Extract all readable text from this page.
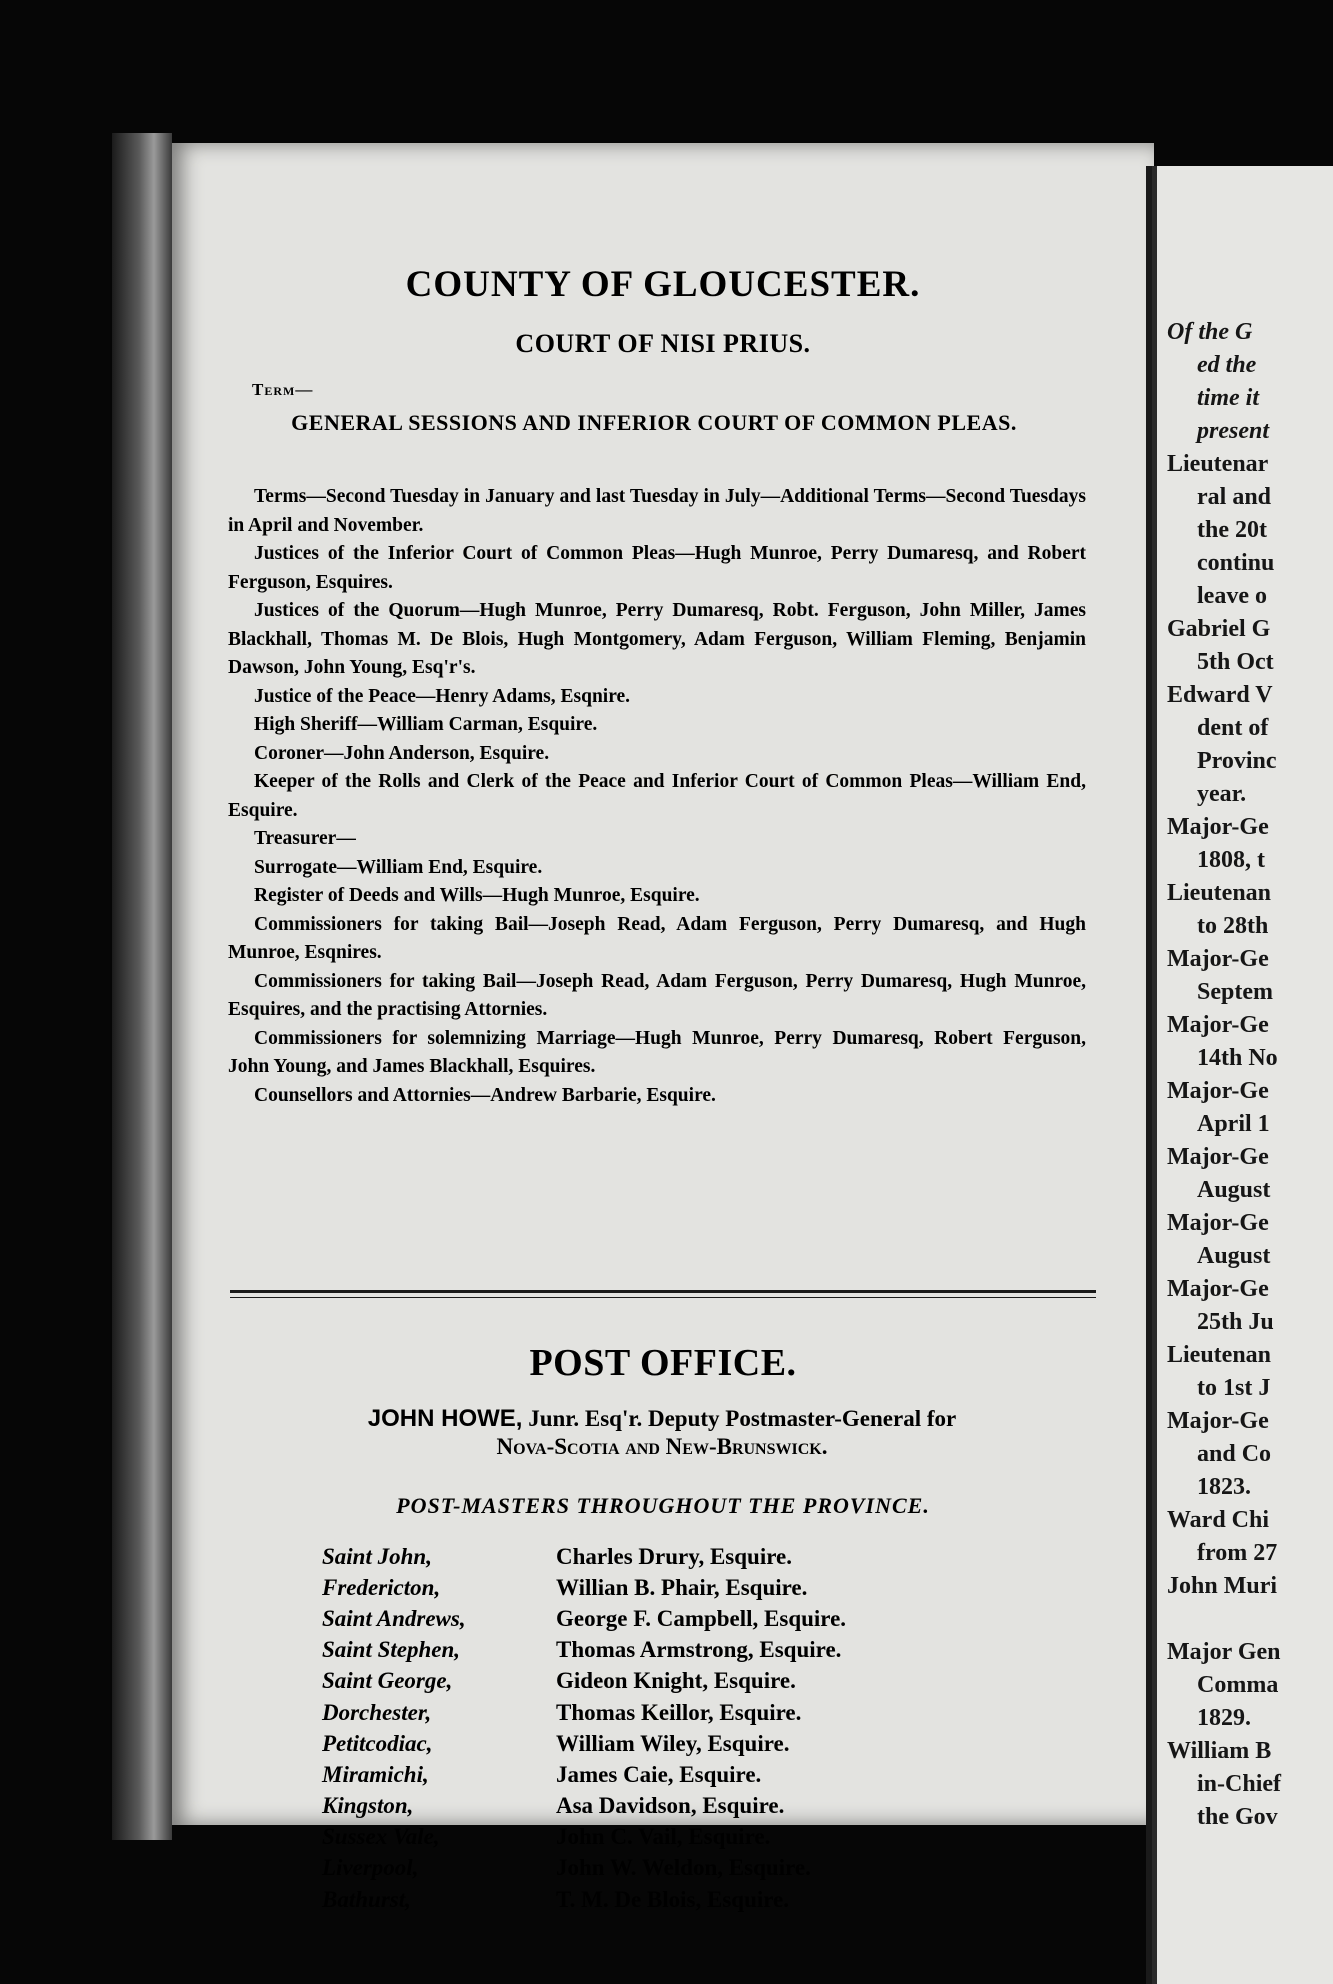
COUNTY OF GLOUCESTER.
COURT OF NISI PRIUS.
Term—
GENERAL SESSIONS AND INFERIOR COURT OF COMMON PLEAS.

Terms—Second Tuesday in January and last Tuesday in July—Additional Terms—Second Tuesdays in April and November.

Justices of the Inferior Court of Common Pleas—Hugh Munroe, Perry Dumaresq, and Robert Ferguson, Esquires.

Justices of the Quorum—Hugh Munroe, Perry Dumaresq, Robt. Ferguson, John Miller, James Blackhall, Thomas M. De Blois, Hugh Montgomery, Adam Ferguson, William Fleming, Benjamin Dawson, John Young, Esq'r's.

Justice of the Peace—Henry Adams, Esqnire.

High Sheriff—William Carman, Esquire.

Coroner—John Anderson, Esquire.

Keeper of the Rolls and Clerk of the Peace and Inferior Court of Common Pleas—William End, Esquire.

Treasurer—

Surrogate—William End, Esquire.

Register of Deeds and Wills—Hugh Munroe, Esquire.

Commissioners for taking Bail—Joseph Read, Adam Ferguson, Perry Dumaresq, and Hugh Munroe, Esqnires.

Commissioners for taking Bail—Joseph Read, Adam Ferguson, Perry Dumaresq, Hugh Munroe, Esquires, and the practising Attornies.

Commissioners for solemnizing Marriage—Hugh Munroe, Perry Dumaresq, Robert Ferguson, John Young, and James Blackhall, Esquires.

Counsellors and Attornies—Andrew Barbarie, Esquire.

POST OFFICE.
JOHN HOWE, Junr. Esq'r. Deputy Postmaster-General for
Nova-Scotia and New-Brunswick.
POST-MASTERS THROUGHOUT THE PROVINCE.
Saint John,	Charles Drury, Esquire.
Fredericton,	Willian B. Phair, Esquire.
Saint Andrews,	George F. Campbell, Esquire.
Saint Stephen,	Thomas Armstrong, Esquire.
Saint George,	Gideon Knight, Esquire.
Dorchester,	Thomas Keillor, Esquire.
Petitcodiac,	William Wiley, Esquire.
Miramichi,	James Caie, Esquire.
Kingston,	Asa Davidson, Esquire.
Sussex Vale,	John C. Vail, Esquire.
Liverpool,	John W. Weldon, Esquire.
Bathurst,	T. M. De Blois, Esquire.
Of the G
ed the
time it
present
Lieutenar
ral and
the 20t
continu
leave o
Gabriel G
5th Oct
Edward V
dent of
Provinc
year.
Major-Ge
1808, t
Lieutenan
to 28th
Major-Ge
Septem
Major-Ge
14th No
Major-Ge
April 1
Major-Ge
August
Major-Ge
August
Major-Ge
25th Ju
Lieutenan
to 1st J
Major-Ge
and Co
1823.
Ward Chi
from 27
John Muri

Major Gen
Comma
1829.
William B
in-Chief
the Gov
